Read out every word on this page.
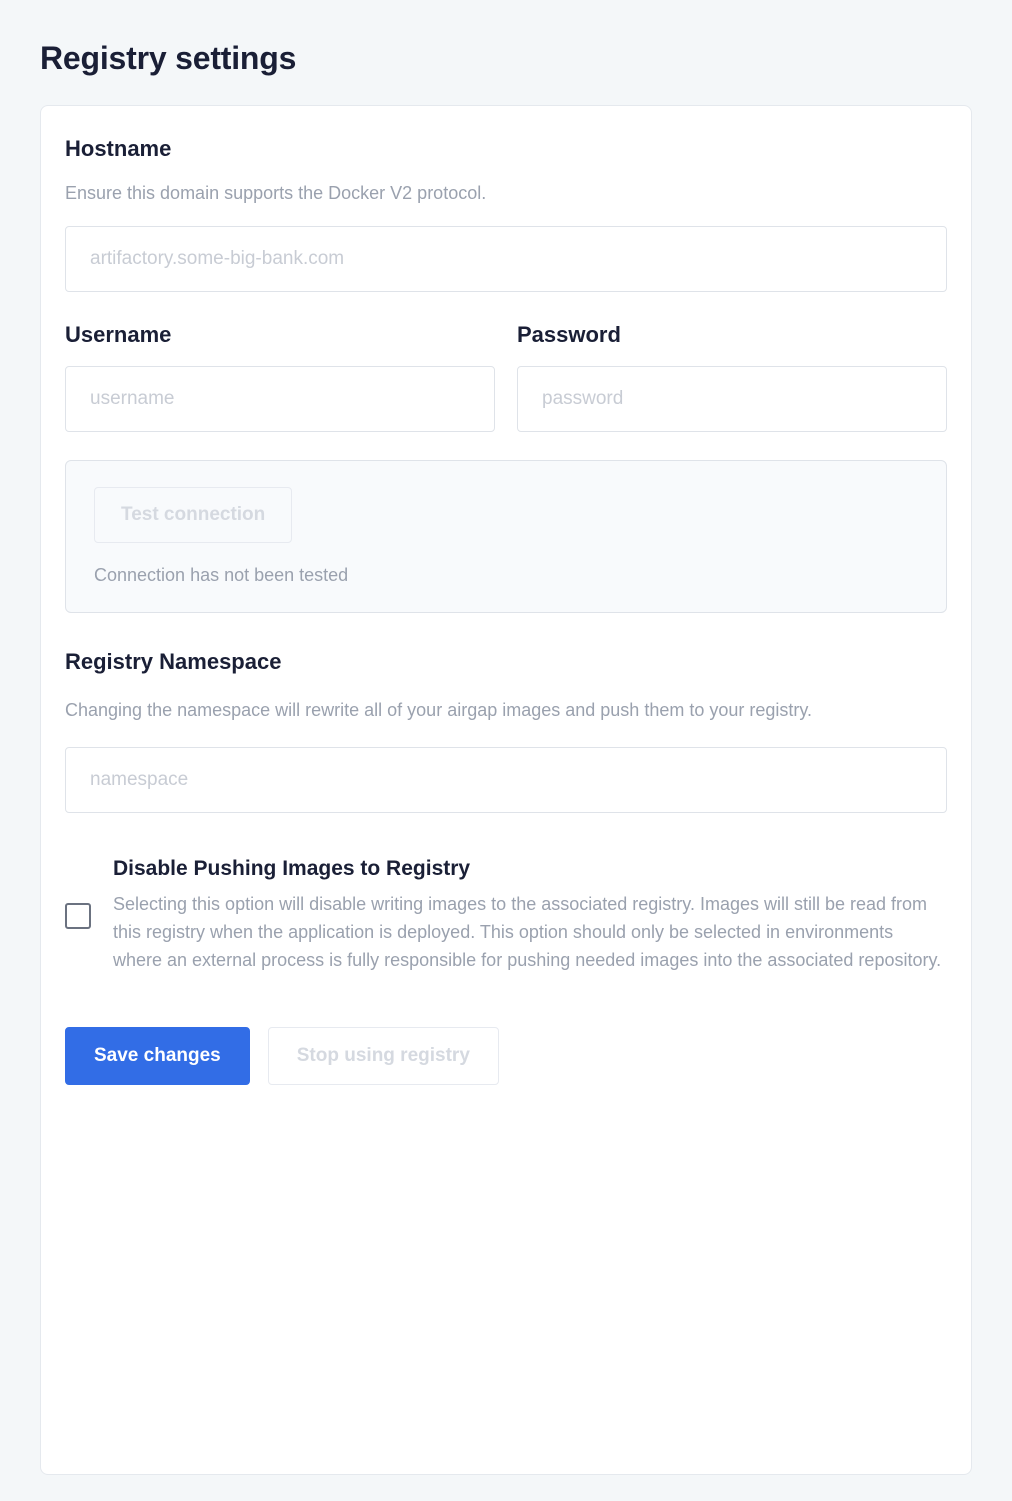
Registry settings
Hostname

Ensure this domain supports the Docker V2 protocol.

artifactory.some-big-bank.com
Username
username	Password
Test connection
Connection has not been tested
Registry Namespace

Changing the namespace will rewrite all of your airgap images and push them to your registry.

namespace
Disable Pushing Images to Registry

Selecting this option will disable writing images to the associated registry. Images will still be read from this registry when the application is deployed. This option should only be selected in environments where an external process is fully responsible for pushing needed images into the associated repository.

Save changes	Stop using registry
